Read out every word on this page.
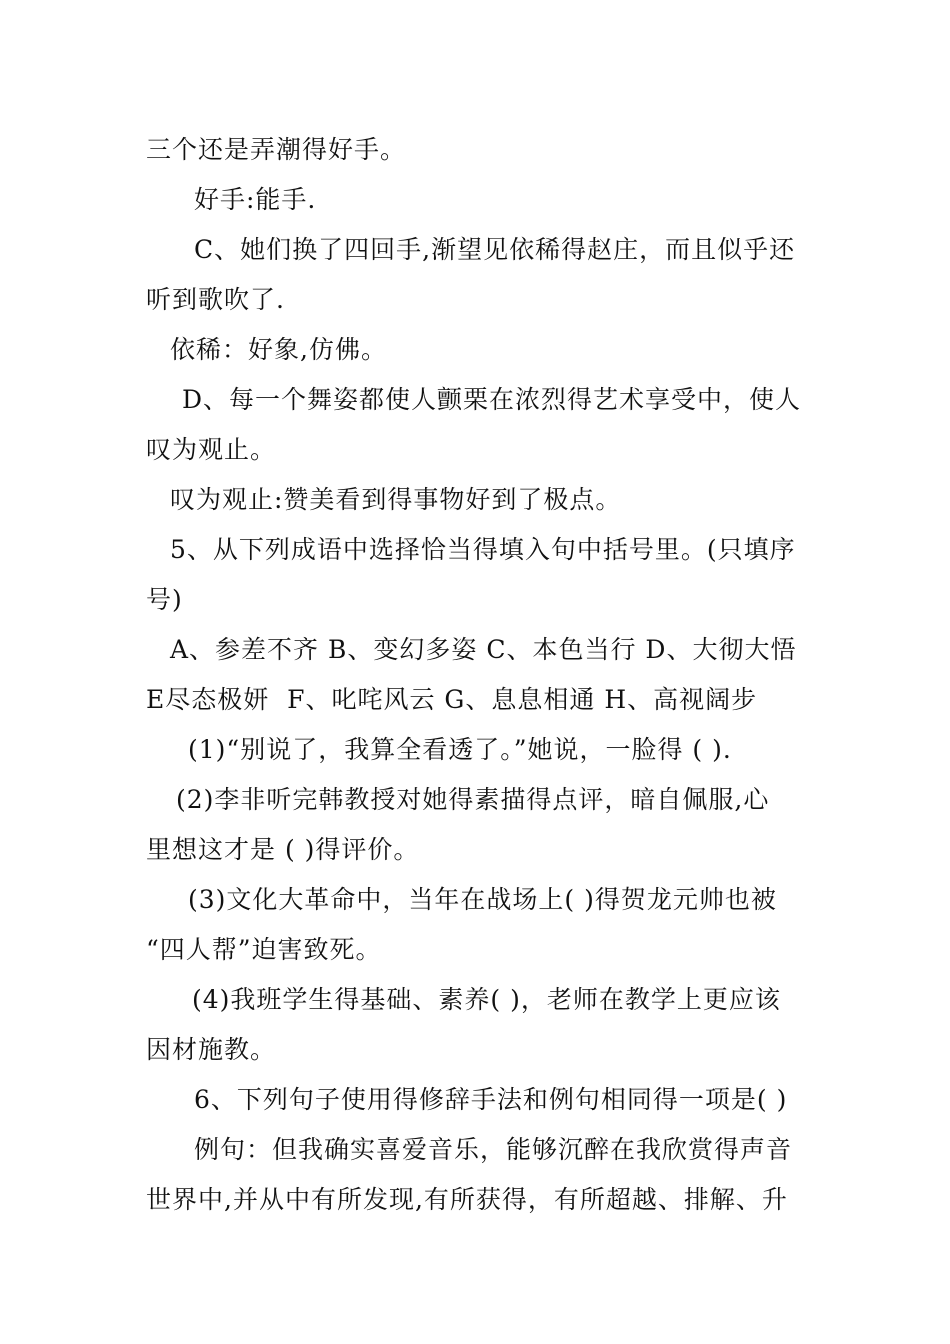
三个还是弄潮得好手。
好手:能手.
C、她们换了四回手,渐望见依稀得赵庄，而且似乎还
听到歌吹了.
依稀：好象,仿佛。
D、每一个舞姿都使人颤栗在浓烈得艺术享受中，使人
叹为观止。
叹为观止:赞美看到得事物好到了极点。
5、从下列成语中选择恰当得填入句中括号里。(只填序
号)
A、参差不齐 B、变幻多姿 C、本色当行 D、大彻大悟
E尽态极妍  F、叱咤风云 G、息息相通 H、高视阔步
(1)“别说了，我算全看透了。”她说，一脸得 ( ).
(2)李非听完韩教授对她得素描得点评，暗自佩服,心
里想这才是 ( )得评价。
(3)文化大革命中，当年在战场上( )得贺龙元帅也被
“四人帮”迫害致死。
(4)我班学生得基础、素养( )，老师在教学上更应该
因材施教。
6、下列句子使用得修辞手法和例句相同得一项是( )
例句：但我确实喜爱音乐，能够沉醉在我欣赏得声音
世界中,并从中有所发现,有所获得，有所超越、排解、升
